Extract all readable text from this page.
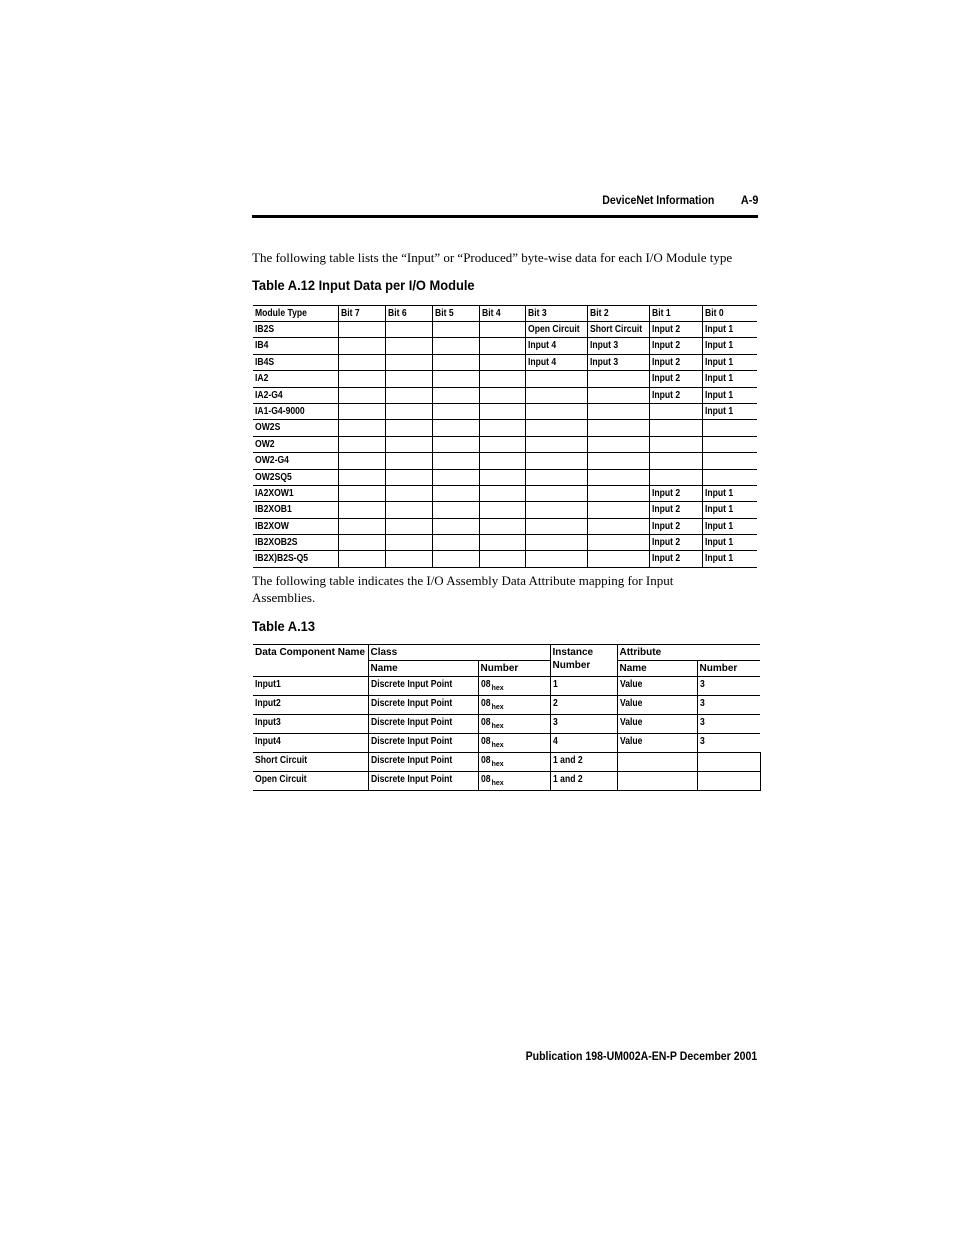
DeviceNet Information A-9
The following table lists the “Input” or “Produced” byte-wise data for each I/O Module type
Table A.12 Input Data per I/O Module
Module Type	Bit 7	Bit 6	Bit 5	Bit 4	Bit 3	Bit 2	Bit 1	Bit 0
IB2S					Open Circuit	Short Circuit	Input 2	Input 1
IB4					Input 4	Input 3	Input 2	Input 1
IB4S					Input 4	Input 3	Input 2	Input 1
IA2							Input 2	Input 1
IA2-G4							Input 2	Input 1
IA1-G4-9000								Input 1
OW2S								
OW2								
OW2-G4								
OW2SQ5								
IA2XOW1							Input 2	Input 1
IB2XOB1							Input 2	Input 1
IB2XOW							Input 2	Input 1
IB2XOB2S							Input 2	Input 1
IB2X)B2S-Q5							Input 2	Input 1
The following table indicates the I/O Assembly Data Attribute mapping for Input Assemblies.
Table A.13
Data Component Name	Class		Instance Number	Attribute	
	Name	Number		Name	Number
Input1	Discrete Input Point	08 $_{hex}$	1	Value	3
Input2	Discrete Input Point	08 $_{hex}$	2	Value	3
Input3	Discrete Input Point	08 $_{hex}$	3	Value	3
Input4	Discrete Input Point	08 $_{hex}$	4	Value	3
Short Circuit	Discrete Input Point	08 $_{hex}$	1 and 2		
Open Circuit	Discrete Input Point	08 $_{hex}$	1 and 2		
Publication 198-UM002A-EN-P December 2001
